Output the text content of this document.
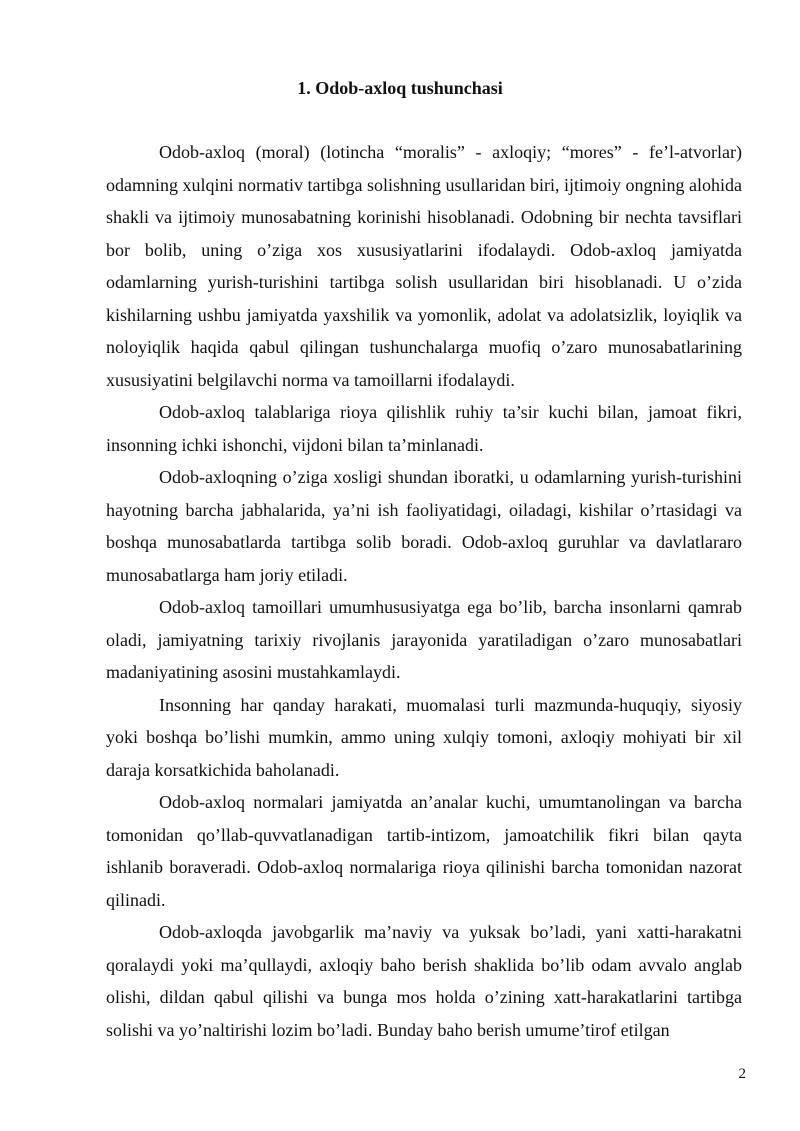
1. Odob-axloq tushunchasi

Odob-axloq (moral) (lotincha “moralis” - axloqiy; “mores” - fe’l-atvorlar) odamning xulqini normativ tartibga solishning usullaridan biri, ijtimoiy ongning alohida shakli va ijtimoiy munosabatning korinishi hisoblanadi. Odobning bir nechta tavsiflari bor bolib, uning o’ziga xos xususiyatlarini ifodalaydi. Odob-axloq jamiyatda odamlarning yurish-turishini tartibga solish usullaridan biri hisoblanadi. U o’zida kishilarning ushbu jamiyatda yaxshilik va yomonlik, adolat va adolatsizlik, loyiqlik va noloyiqlik haqida qabul qilingan tushunchalarga muofiq o’zaro munosabatlarining xususiyatini belgilavchi norma va tamoillarni ifodalaydi.

Odob-axloq talablariga rioya qilishlik ruhiy ta’sir kuchi bilan, jamoat fikri, insonning ichki ishonchi, vijdoni bilan ta’minlanadi.

Odob-axloqning o’ziga xosligi shundan iboratki, u odamlarning yurish-turishini hayotning barcha jabhalarida, ya’ni ish faoliyatidagi, oiladagi, kishilar o’rtasidagi va boshqa munosabatlarda tartibga solib boradi. Odob-axloq guruhlar va davlatlararo munosabatlarga ham joriy etiladi.

Odob-axloq tamoillari umumhususiyatga ega bo’lib, barcha insonlarni qamrab oladi, jamiyatning tarixiy rivojlanis jarayonida yaratiladigan o’zaro munosabatlari madaniyatining asosini mustahkamlaydi.

Insonning har qanday harakati, muomalasi turli mazmunda-huquqiy, siyosiy yoki boshqa bo’lishi mumkin, ammo uning xulqiy tomoni, axloqiy mohiyati bir xil daraja korsatkichida baholanadi.

Odob-axloq normalari jamiyatda an’analar kuchi, umumtanolingan va barcha tomonidan qo’llab-quvvatlanadigan tartib-intizom, jamoatchilik fikri bilan qayta ishlanib boraveradi. Odob-axloq normalariga rioya qilinishi barcha tomonidan nazorat qilinadi.

Odob-axloqda javobgarlik ma’naviy va yuksak bo’ladi, yani xatti-harakatni qoralaydi yoki ma’qullaydi, axloqiy baho berish shaklida bo’lib odam avvalo anglab olishi, dildan qabul qilishi va bunga mos holda o’zining xatt-harakatlarini tartibga solishi va yo’naltirishi lozim bo’ladi. Bunday baho berish umume’tirof etilgan

2
